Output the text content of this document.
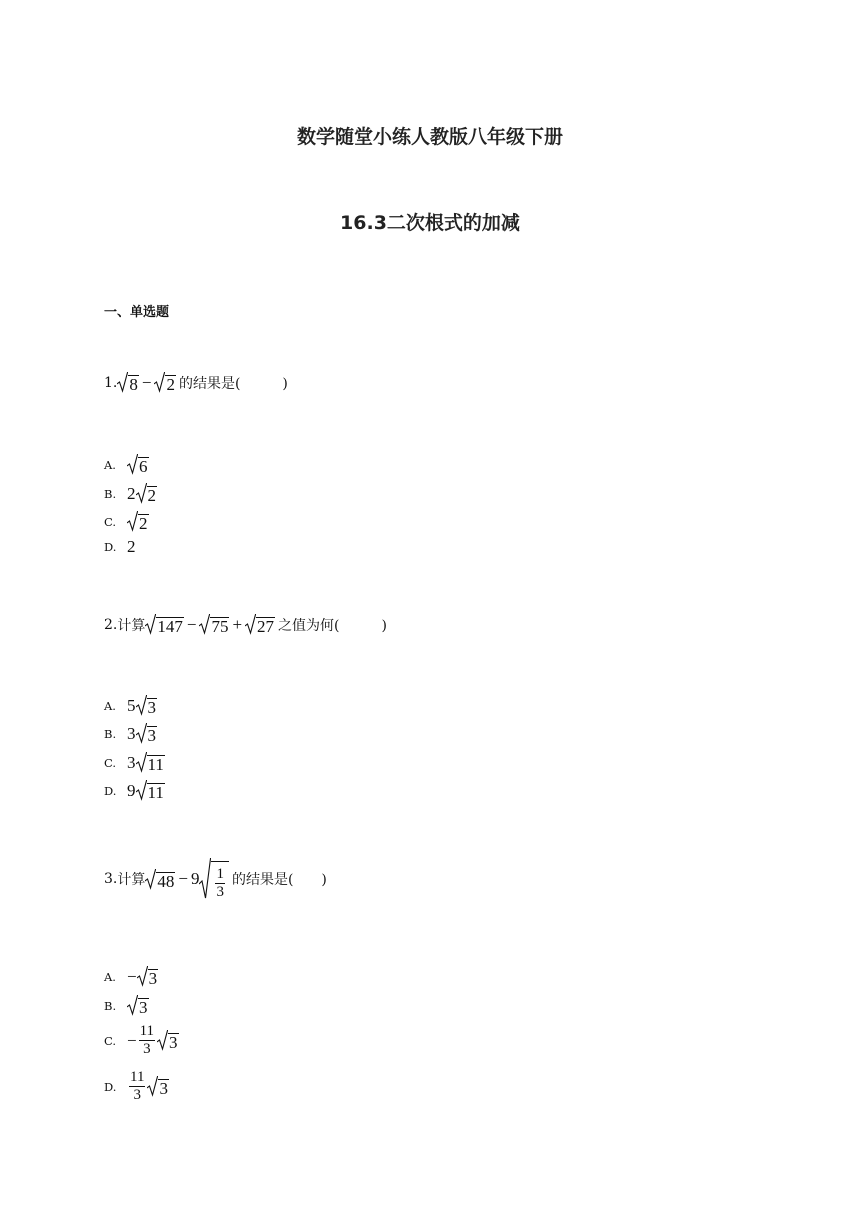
数学随堂小练人教版八年级下册
16.3二次根式的加减
一、单选题
1. 8 − 2 的结果是(　　　)
A.	6
B. 2 2
C.	2
D. 2
2. 计算 147 − 75 + 27 之值为何(　　　)
A. 5 3
B. 3 3
C. 3 11
D. 9 11
3. 计算 $48 - 9 \frac{1}{3}$ 的结果是(　　)
A. − 3
B.	3
C. − $\frac{11}{3} 3$
D. $\frac{11}{3} 3$
